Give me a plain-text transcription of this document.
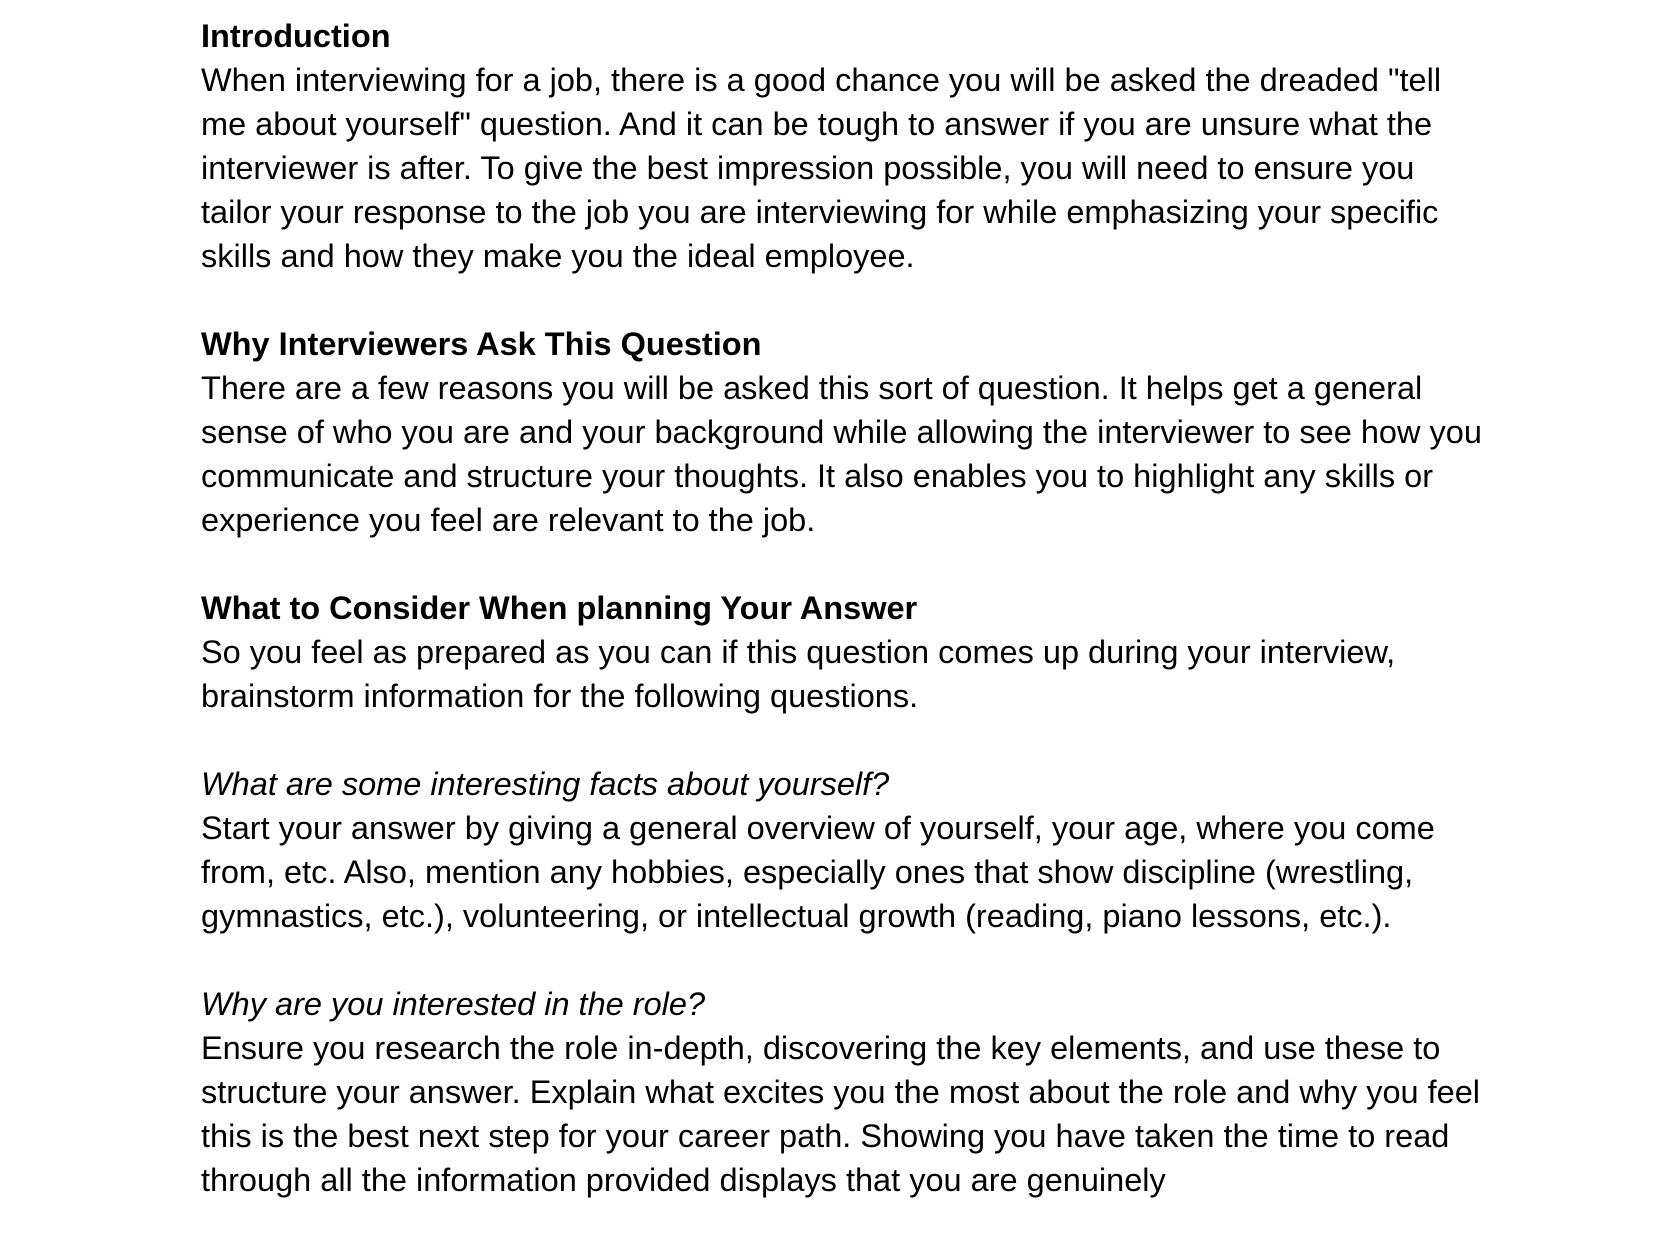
Introduction

When interviewing for a job, there is a good chance you will be asked the dreaded "tell me about yourself" question. And it can be tough to answer if you are unsure what the interviewer is after. To give the best impression possible, you will need to ensure you tailor your response to the job you are interviewing for while emphasizing your specific skills and how they make you the ideal employee.

Why Interviewers Ask This Question

There are a few reasons you will be asked this sort of question. It helps get a general sense of who you are and your background while allowing the interviewer to see how you communicate and structure your thoughts. It also enables you to highlight any skills or experience you feel are relevant to the job.

What to Consider When planning Your Answer

So you feel as prepared as you can if this question comes up during your interview, brainstorm information for the following questions.

What are some interesting facts about yourself?

Start your answer by giving a general overview of yourself, your age, where you come from, etc. Also, mention any hobbies, especially ones that show discipline (wrestling, gymnastics, etc.), volunteering, or intellectual growth (reading, piano lessons, etc.).

Why are you interested in the role?

Ensure you research the role in-depth, discovering the key elements, and use these to structure your answer. Explain what excites you the most about the role and why you feel this is the best next step for your career path. Showing you have taken the time to read through all the information provided displays that you are genuinely
